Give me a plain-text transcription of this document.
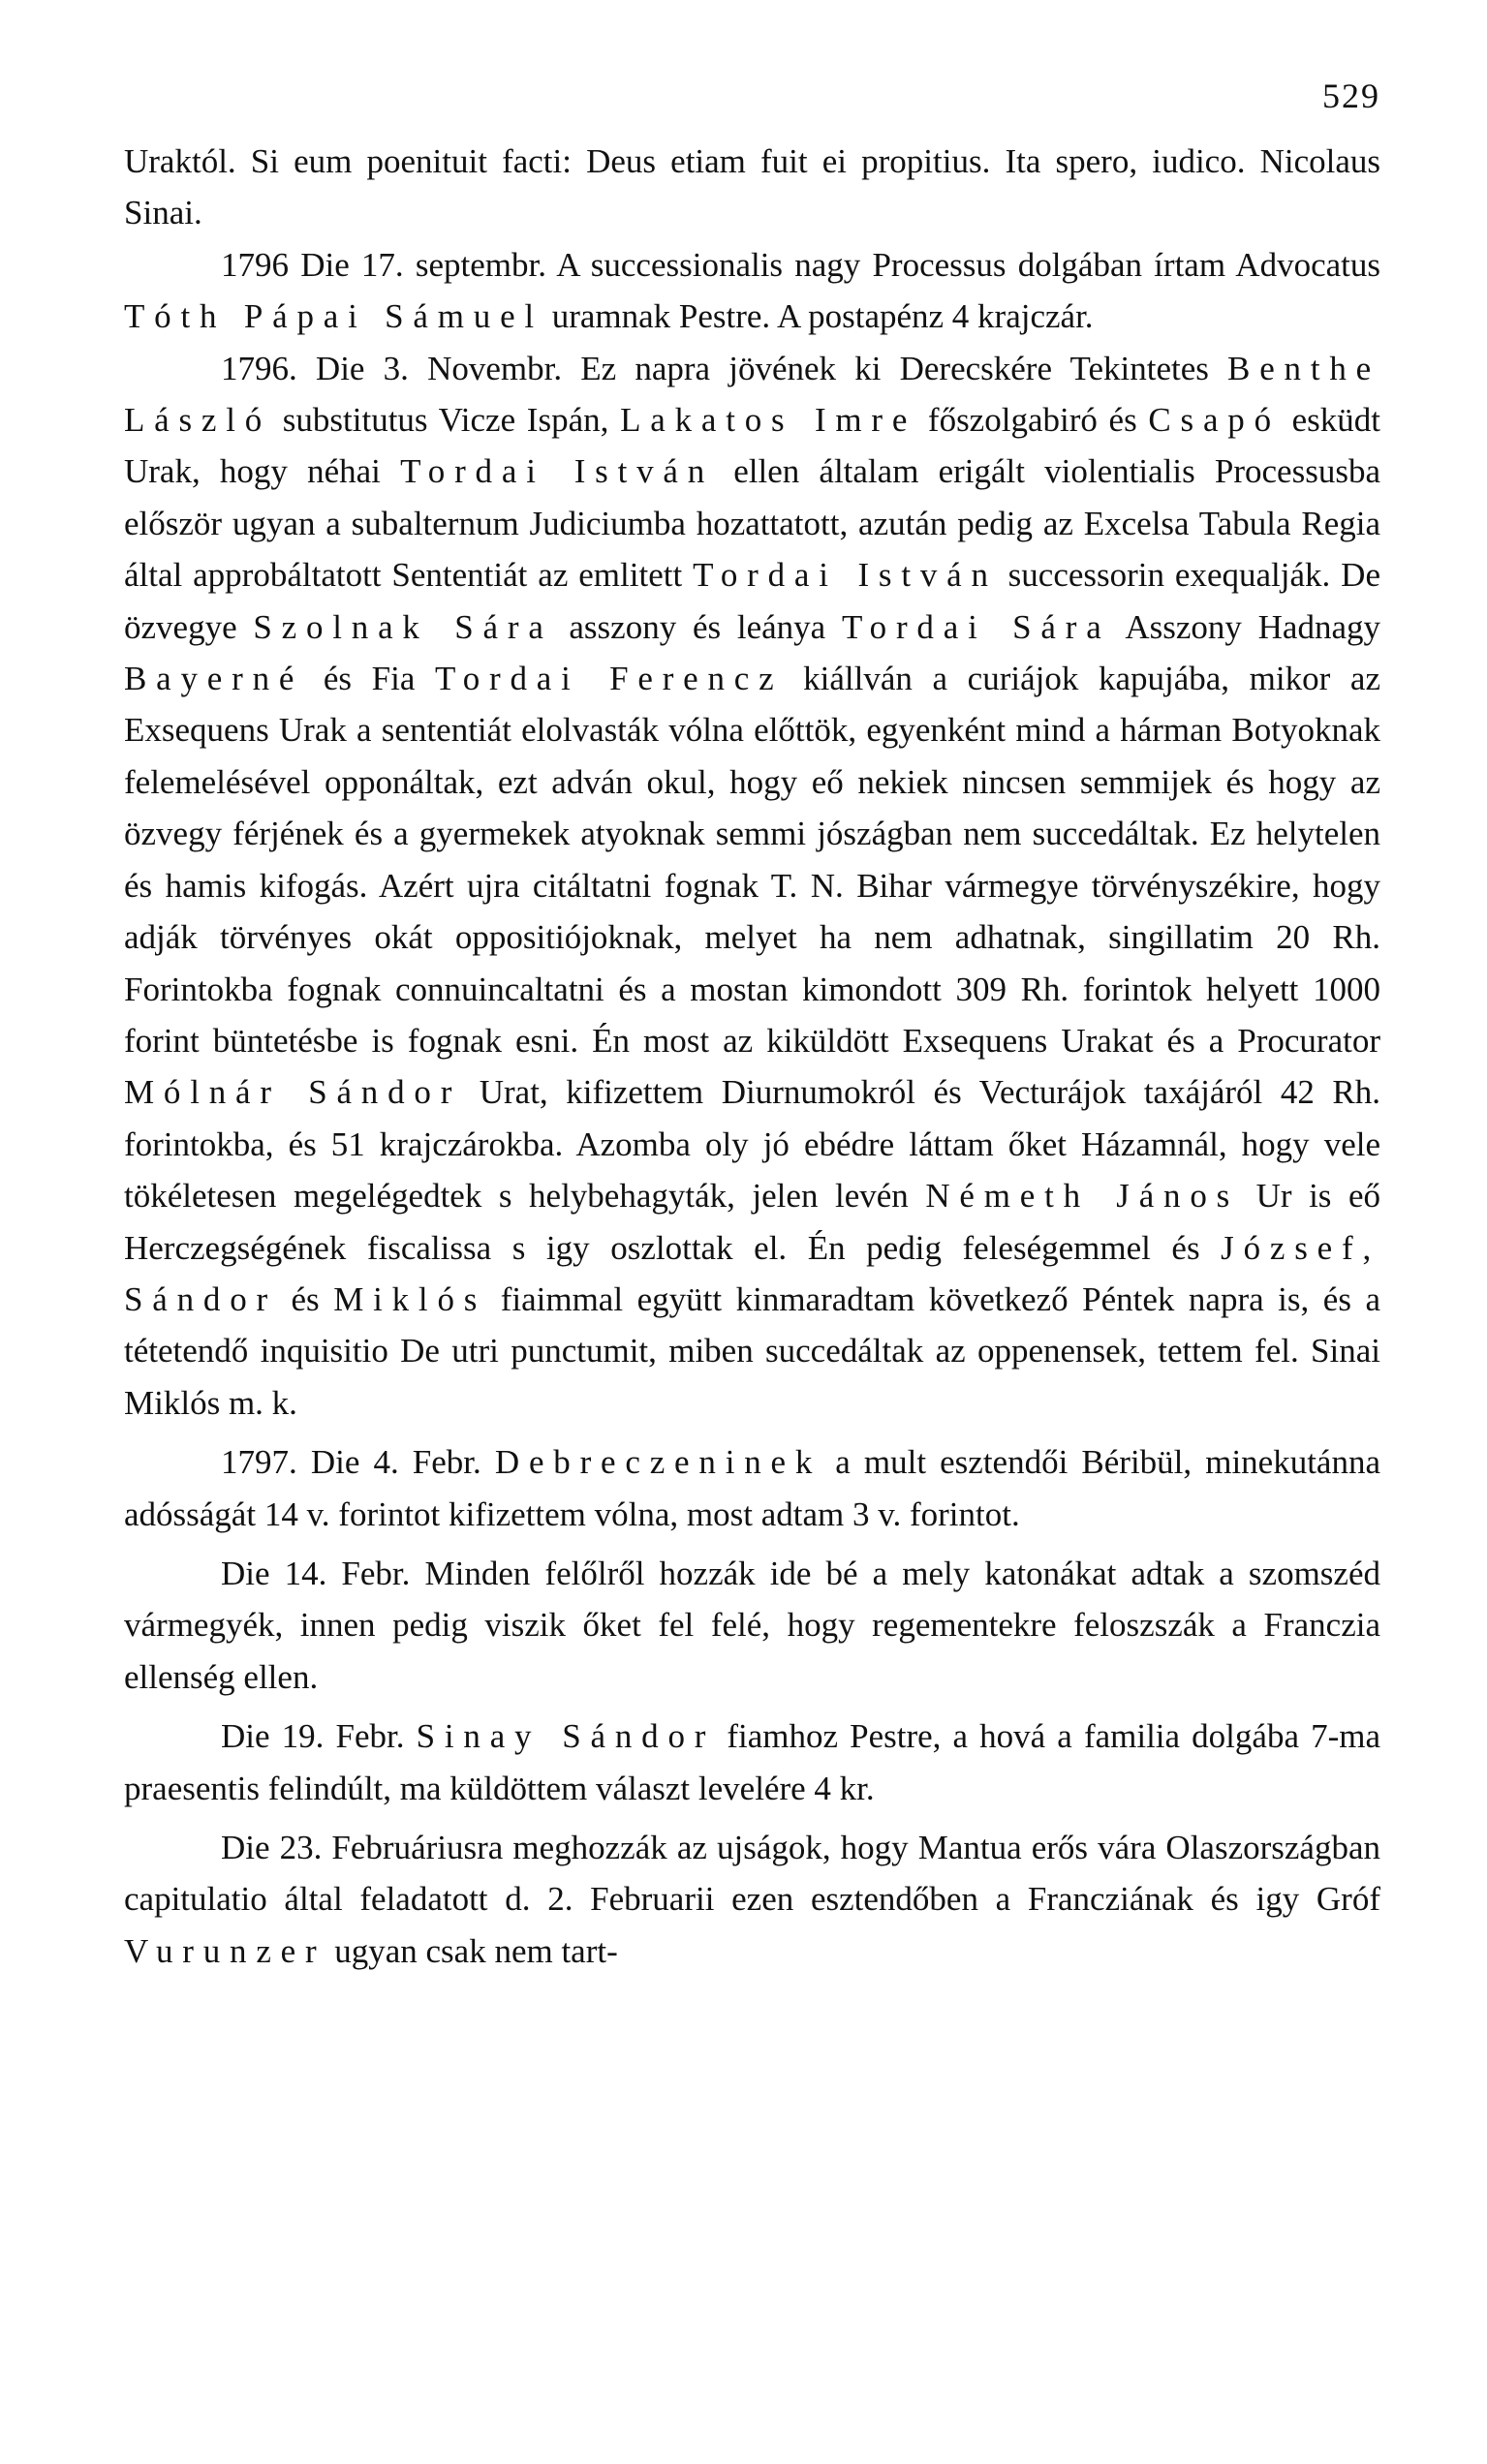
529

Uraktól. Si eum poenituit facti: Deus etiam fuit ei propitius. Ita spero, iudico. Nicolaus Sinai.

1796 Die 17. septembr. A successionalis nagy Processus dolgában írtam Advocatus Tóth Pápai Sámuel uramnak Pestre. A postapénz 4 krajczár.

1796. Die 3. Novembr. Ez napra jövének ki Derecskére Tekintetes Benthe László substitutus Vicze Ispán, Lakatos Imre főszolgabiró és Csapó esküdt Urak, hogy néhai Tordai István ellen általam erigált violentialis Processusba először ugyan a subalternum Judiciumba hozattatott, azután pedig az Excelsa Tabula Regia által approbáltatott Sententiát az emlitett Tordai István successorin exequalják. De özvegye Szolnak Sára asszony és leánya Tordai Sára Asszony Hadnagy Bayerné és Fia Tordai Ferencz kiállván a curiájok kapujába, mikor az Exsequens Urak a sententiát elolvasták vólna előttök, egyenként mind a hárman Botyoknak felemelésével opponáltak, ezt adván okul, hogy eő nekiek nincsen semmijek és hogy az özvegy férjének és a gyermekek atyoknak semmi jószágban nem succedáltak. Ez helytelen és hamis kifogás. Azért ujra citáltatni fognak T. N. Bihar vármegye törvényszékire, hogy adják törvényes okát oppositiójoknak, melyet ha nem adhatnak, singillatim 20 Rh. Forintokba fognak connuincaltatni és a mostan kimondott 309 Rh. forintok helyett 1000 forint büntetésbe is fognak esni. Én most az kiküldött Exsequens Urakat és a Procurator Mólnár Sándor Urat, kifizettem Diurnumokról és Vecturájok taxájáról 42 Rh. forintokba, és 51 krajczárokba. Azomba oly jó ebédre láttam őket Házamnál, hogy vele tökéletesen megelégedtek s helybehagyták, jelen levén Németh János Ur is eő Herczegségének fiscalissa s igy oszlottak el. Én pedig feleségemmel és József, Sándor és Miklós fiaimmal együtt kinmaradtam következő Péntek napra is, és a tétetendő inquisitio De utri punctumit, miben succedáltak az oppenensek, tettem fel. Sinai Miklós m. k.

1797. Die 4. Febr. Debreczeninek a mult esztendői Béribül, minekutánna adósságát 14 v. forintot kifizettem vólna, most adtam 3 v. forintot.

Die 14. Febr. Minden felőlről hozzák ide bé a mely katonákat adtak a szomszéd vármegyék, innen pedig viszik őket fel felé, hogy regementekre feloszszák a Franczia ellenség ellen.

Die 19. Febr. Sinay Sándor fiamhoz Pestre, a hová a familia dolgába 7-ma praesentis felindúlt, ma küldöttem választ levelére 4 kr.

Die 23. Februáriusra meghozzák az ujságok, hogy Mantua erős vára Olaszországban capitulatio által feladatott d. 2. Februarii ezen esztendőben a Francziának és igy Gróf Vurunzer ugyan csak nem tart-
